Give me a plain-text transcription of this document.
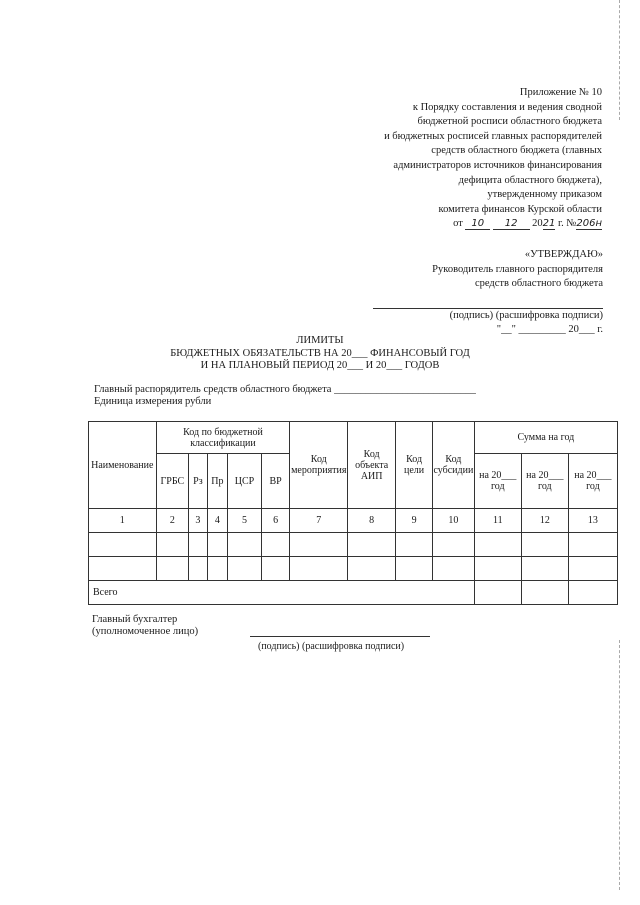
Приложение № 10
к Порядку составления и ведения сводной
бюджетной росписи областного бюджета
и бюджетных росписей главных распорядителей
средств областного бюджета (главных
администраторов источников финансирования
дефицита областного бюджета),
утвержденному приказом
комитета финансов Курской области
от 10 12 2021 г. №206н
«УТВЕРЖДАЮ»
Руководитель главного распорядителя
средств областного бюджета
(подпись) (расшифровка подписи)
"__" _________ 20___ г.
ЛИМИТЫ
БЮДЖЕТНЫХ ОБЯЗАТЕЛЬСТВ НА 20___ ФИНАНСОВЫЙ ГОД
И НА ПЛАНОВЫЙ ПЕРИОД 20___ И 20___ ГОДОВ
Главный распорядитель средств областного бюджета ___________________________
Единица измерения рубли
Наименование	Код по бюджетной классификации					Код мероприятия	Код объекта АИП	Код цели	Код субсидии	Сумма на год		
	ГРБС	Рз	Пр	ЦСР	ВР					на 20___ год	на 20___ год	на 20___ год
1	2	3	4	5	6	7	8	9	10	11	12	13

Всего												
Главный бухгалтер
(уполномоченное лицо)
(подпись) (расшифровка подписи)
